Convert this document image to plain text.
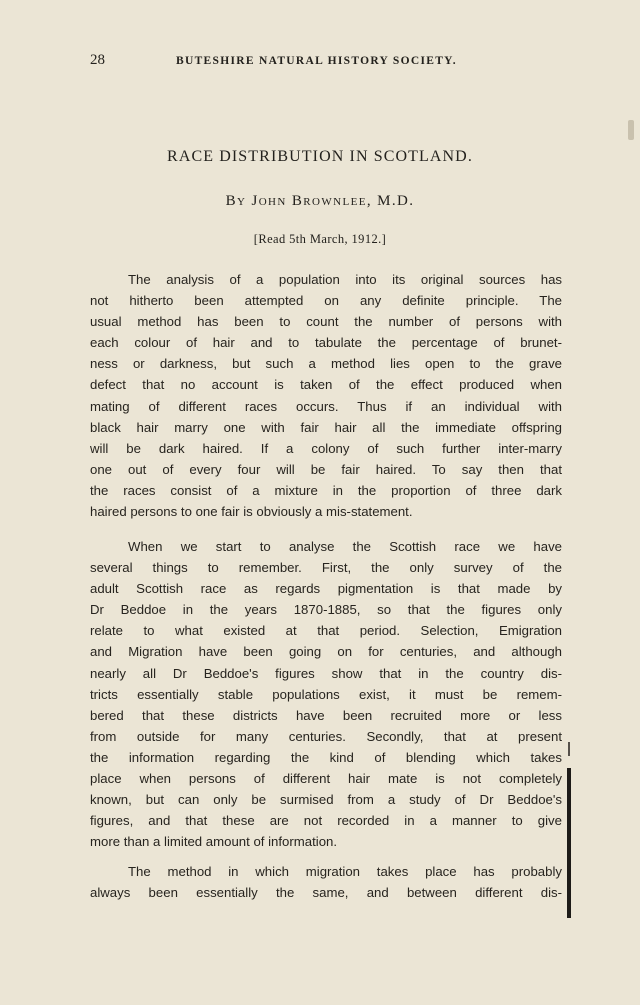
28	BUTESHIRE NATURAL HISTORY SOCIETY.
RACE DISTRIBUTION IN SCOTLAND.
By John Brownlee, M.D.
[Read 5th March, 1912.]
The analysis of a population into its original sources has
not hitherto been attempted on any definite principle. The
usual method has been to count the number of persons with
each colour of hair and to tabulate the percentage of brunet-
ness or darkness, but such a method lies open to the grave
defect that no account is taken of the effect produced when
mating of different races occurs. Thus if an individual with
black hair marry one with fair hair all the immediate offspring
will be dark haired. If a colony of such further inter-marry
one out of every four will be fair haired. To say then that
the races consist of a mixture in the proportion of three dark
haired persons to one fair is obviously a mis-statement.
When we start to analyse the Scottish race we have
several things to remember. First, the only survey of the
adult Scottish race as regards pigmentation is that made by
Dr Beddoe in the years 1870-1885, so that the figures only
relate to what existed at that period. Selection, Emigration
and Migration have been going on for centuries, and although
nearly all Dr Beddoe's figures show that in the country dis-
tricts essentially stable populations exist, it must be remem-
bered that these districts have been recruited more or less
from outside for many centuries. Secondly, that at present
the information regarding the kind of blending which takes
place when persons of different hair mate is not completely
known, but can only be surmised from a study of Dr Beddoe's
figures, and that these are not recorded in a manner to give
more than a limited amount of information.
The method in which migration takes place has probably
always been essentially the same, and between different dis-
